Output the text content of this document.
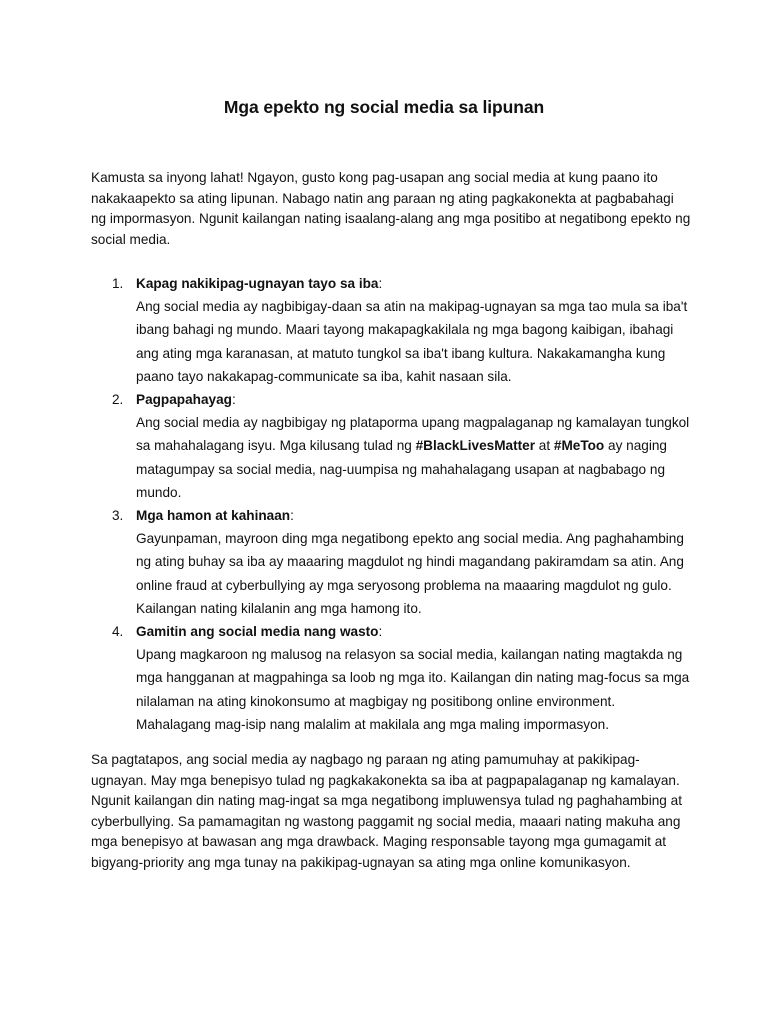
Mga epekto ng social media sa lipunan

Kamusta sa inyong lahat! Ngayon, gusto kong pag-usapan ang social media at kung paano ito nakakaapekto sa ating lipunan. Nabago natin ang paraan ng ating pagkakonekta at pagbabahagi ng impormasyon. Ngunit kailangan nating isaalang-alang ang mga positibo at negatibong epekto ng social media.

1. Kapag nakikipag-ugnayan tayo sa iba:

Ang social media ay nagbibigay-daan sa atin na makipag-ugnayan sa mga tao mula sa iba't ibang bahagi ng mundo. Maari tayong makapagkakilala ng mga bagong kaibigan, ibahagi ang ating mga karanasan, at matuto tungkol sa iba't ibang kultura. Nakakamangha kung paano tayo nakakapag-communicate sa iba, kahit nasaan sila.

2. Pagpapahayag:

Ang social media ay nagbibigay ng plataporma upang magpalaganap ng kamalayan tungkol sa mahahalagang isyu. Mga kilusang tulad ng #BlackLivesMatter at #MeToo ay naging matagumpay sa social media, nag-uumpisa ng mahahalagang usapan at nagbabago ng mundo.

3. Mga hamon at kahinaan:

Gayunpaman, mayroon ding mga negatibong epekto ang social media. Ang paghahambing ng ating buhay sa iba ay maaaring magdulot ng hindi magandang pakiramdam sa atin. Ang online fraud at cyberbullying ay mga seryosong problema na maaaring magdulot ng gulo. Kailangan nating kilalanin ang mga hamong ito.

4. Gamitin ang social media nang wasto:

Upang magkaroon ng malusog na relasyon sa social media, kailangan nating magtakda ng mga hangganan at magpahinga sa loob ng mga ito. Kailangan din nating mag-focus sa mga nilalaman na ating kinokonsumo at magbigay ng positibong online environment. Mahalagang mag-isip nang malalim at makilala ang mga maling impormasyon.

Sa pagtatapos, ang social media ay nagbago ng paraan ng ating pamumuhay at pakikipag-ugnayan. May mga benepisyo tulad ng pagkakakonekta sa iba at pagpapalaganap ng kamalayan. Ngunit kailangan din nating mag-ingat sa mga negatibong impluwensya tulad ng paghahambing at cyberbullying. Sa pamamagitan ng wastong paggamit ng social media, maaari nating makuha ang mga benepisyo at bawasan ang mga drawback. Maging responsable tayong mga gumagamit at bigyang-priority ang mga tunay na pakikipag-ugnayan sa ating mga online komunikasyon.
